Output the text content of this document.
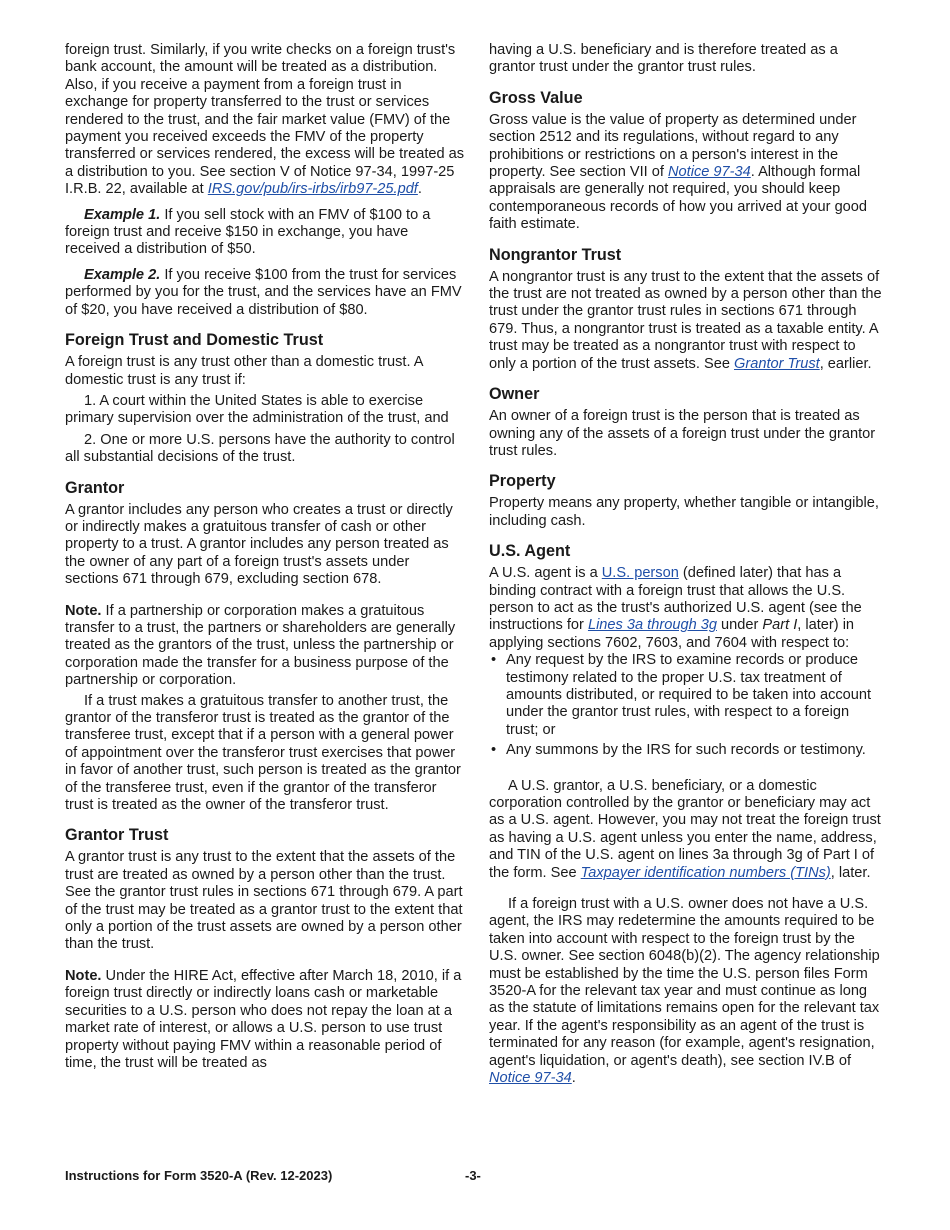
foreign trust. Similarly, if you write checks on a foreign trust's bank account, the amount will be treated as a distribution. Also, if you receive a payment from a foreign trust in exchange for property transferred to the trust or services rendered to the trust, and the fair market value (FMV) of the payment you received exceeds the FMV of the property transferred or services rendered, the excess will be treated as a distribution to you. See section V of Notice 97-34, 1997-25 I.R.B. 22, available at IRS.gov/pub/irs-irbs/irb97-25.pdf.

Example 1. If you sell stock with an FMV of $100 to a foreign trust and receive $150 in exchange, you have received a distribution of $50.

Example 2. If you receive $100 from the trust for services performed by you for the trust, and the services have an FMV of $20, you have received a distribution of $80.

Foreign Trust and Domestic Trust

A foreign trust is any trust other than a domestic trust. A domestic trust is any trust if:

1. A court within the United States is able to exercise primary supervision over the administration of the trust, and

2. One or more U.S. persons have the authority to control all substantial decisions of the trust.

Grantor

A grantor includes any person who creates a trust or directly or indirectly makes a gratuitous transfer of cash or other property to a trust. A grantor includes any person treated as the owner of any part of a foreign trust's assets under sections 671 through 679, excluding section 678.

Note. If a partnership or corporation makes a gratuitous transfer to a trust, the partners or shareholders are generally treated as the grantors of the trust, unless the partnership or corporation made the transfer for a business purpose of the partnership or corporation.

If a trust makes a gratuitous transfer to another trust, the grantor of the transferor trust is treated as the grantor of the transferee trust, except that if a person with a general power of appointment over the transferor trust exercises that power in favor of another trust, such person is treated as the grantor of the transferee trust, even if the grantor of the transferor trust is treated as the owner of the transferor trust.

Grantor Trust

A grantor trust is any trust to the extent that the assets of the trust are treated as owned by a person other than the trust. See the grantor trust rules in sections 671 through 679. A part of the trust may be treated as a grantor trust to the extent that only a portion of the trust assets are owned by a person other than the trust.

Note. Under the HIRE Act, effective after March 18, 2010, if a foreign trust directly or indirectly loans cash or marketable securities to a U.S. person who does not repay the loan at a market rate of interest, or allows a U.S. person to use trust property without paying FMV within a reasonable period of time, the trust will be treated as

having a U.S. beneficiary and is therefore treated as a grantor trust under the grantor trust rules.

Gross Value

Gross value is the value of property as determined under section 2512 and its regulations, without regard to any prohibitions or restrictions on a person's interest in the property. See section VII of Notice 97-34. Although formal appraisals are generally not required, you should keep contemporaneous records of how you arrived at your good faith estimate.

Nongrantor Trust

A nongrantor trust is any trust to the extent that the assets of the trust are not treated as owned by a person other than the trust under the grantor trust rules in sections 671 through 679. Thus, a nongrantor trust is treated as a taxable entity. A trust may be treated as a nongrantor trust with respect to only a portion of the trust assets. See Grantor Trust, earlier.

Owner

An owner of a foreign trust is the person that is treated as owning any of the assets of a foreign trust under the grantor trust rules.

Property

Property means any property, whether tangible or intangible, including cash.

U.S. Agent

A U.S. agent is a U.S. person (defined later) that has a binding contract with a foreign trust that allows the U.S. person to act as the trust's authorized U.S. agent (see the instructions for Lines 3a through 3g under Part I, later) in applying sections 7602, 7603, and 7604 with respect to:

• Any request by the IRS to examine records or produce testimony related to the proper U.S. tax treatment of amounts distributed, or required to be taken into account under the grantor trust rules, with respect to a foreign trust; or
• Any summons by the IRS for such records or testimony.

A U.S. grantor, a U.S. beneficiary, or a domestic corporation controlled by the grantor or beneficiary may act as a U.S. agent. However, you may not treat the foreign trust as having a U.S. agent unless you enter the name, address, and TIN of the U.S. agent on lines 3a through 3g of Part I of the form. See Taxpayer identification numbers (TINs), later.

If a foreign trust with a U.S. owner does not have a U.S. agent, the IRS may redetermine the amounts required to be taken into account with respect to the foreign trust by the U.S. owner. See section 6048(b)(2). The agency relationship must be established by the time the U.S. person files Form 3520-A for the relevant tax year and must continue as long as the statute of limitations remains open for the relevant tax year. If the agent's responsibility as an agent of the trust is terminated for any reason (for example, agent's resignation, agent's liquidation, or agent's death), see section IV.B of Notice 97-34.

Instructions for Form 3520-A (Rev. 12-2023)	-3-
